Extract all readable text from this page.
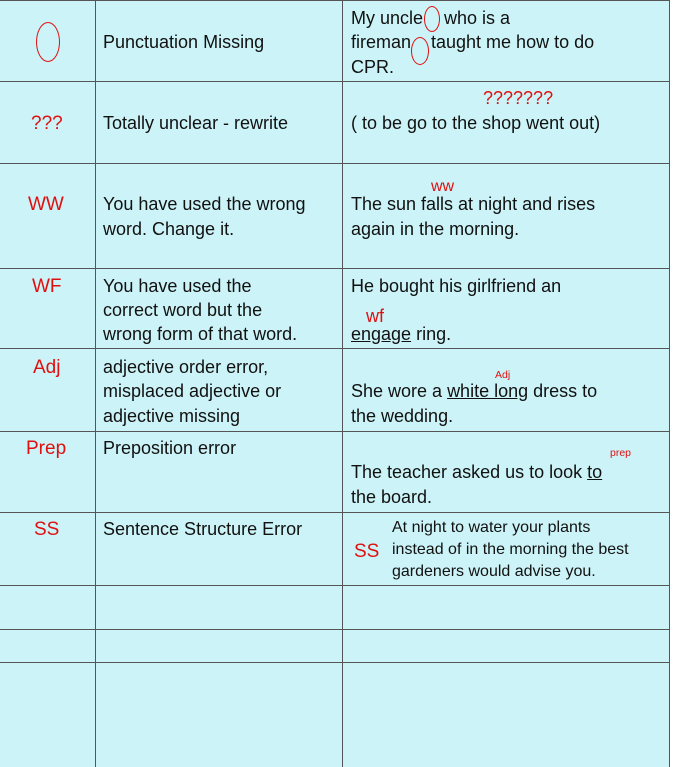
Punctuation Missing
My uncle who is a
fireman taught me how to do
CPR.
??? Totally unclear - rewrite
???????
( to be go to the shop went out)
WW You have used the wrong
word. Change it.
ww
The sun falls at night and rises
again in the morning.
WF You have used the
correct word but the
wrong form of that word.
He bought his girlfriend an
wf
engage ring.
Adj adjective order error,
misplaced adjective or
adjective missing
Adj
She wore a white long dress to
the wedding.
Prep Preposition error	prep
The teacher asked us to look to
the board.
SS Sentence Structure Error
SS
At night to water your plants
instead of in the morning the best
gardeners would advise you.
